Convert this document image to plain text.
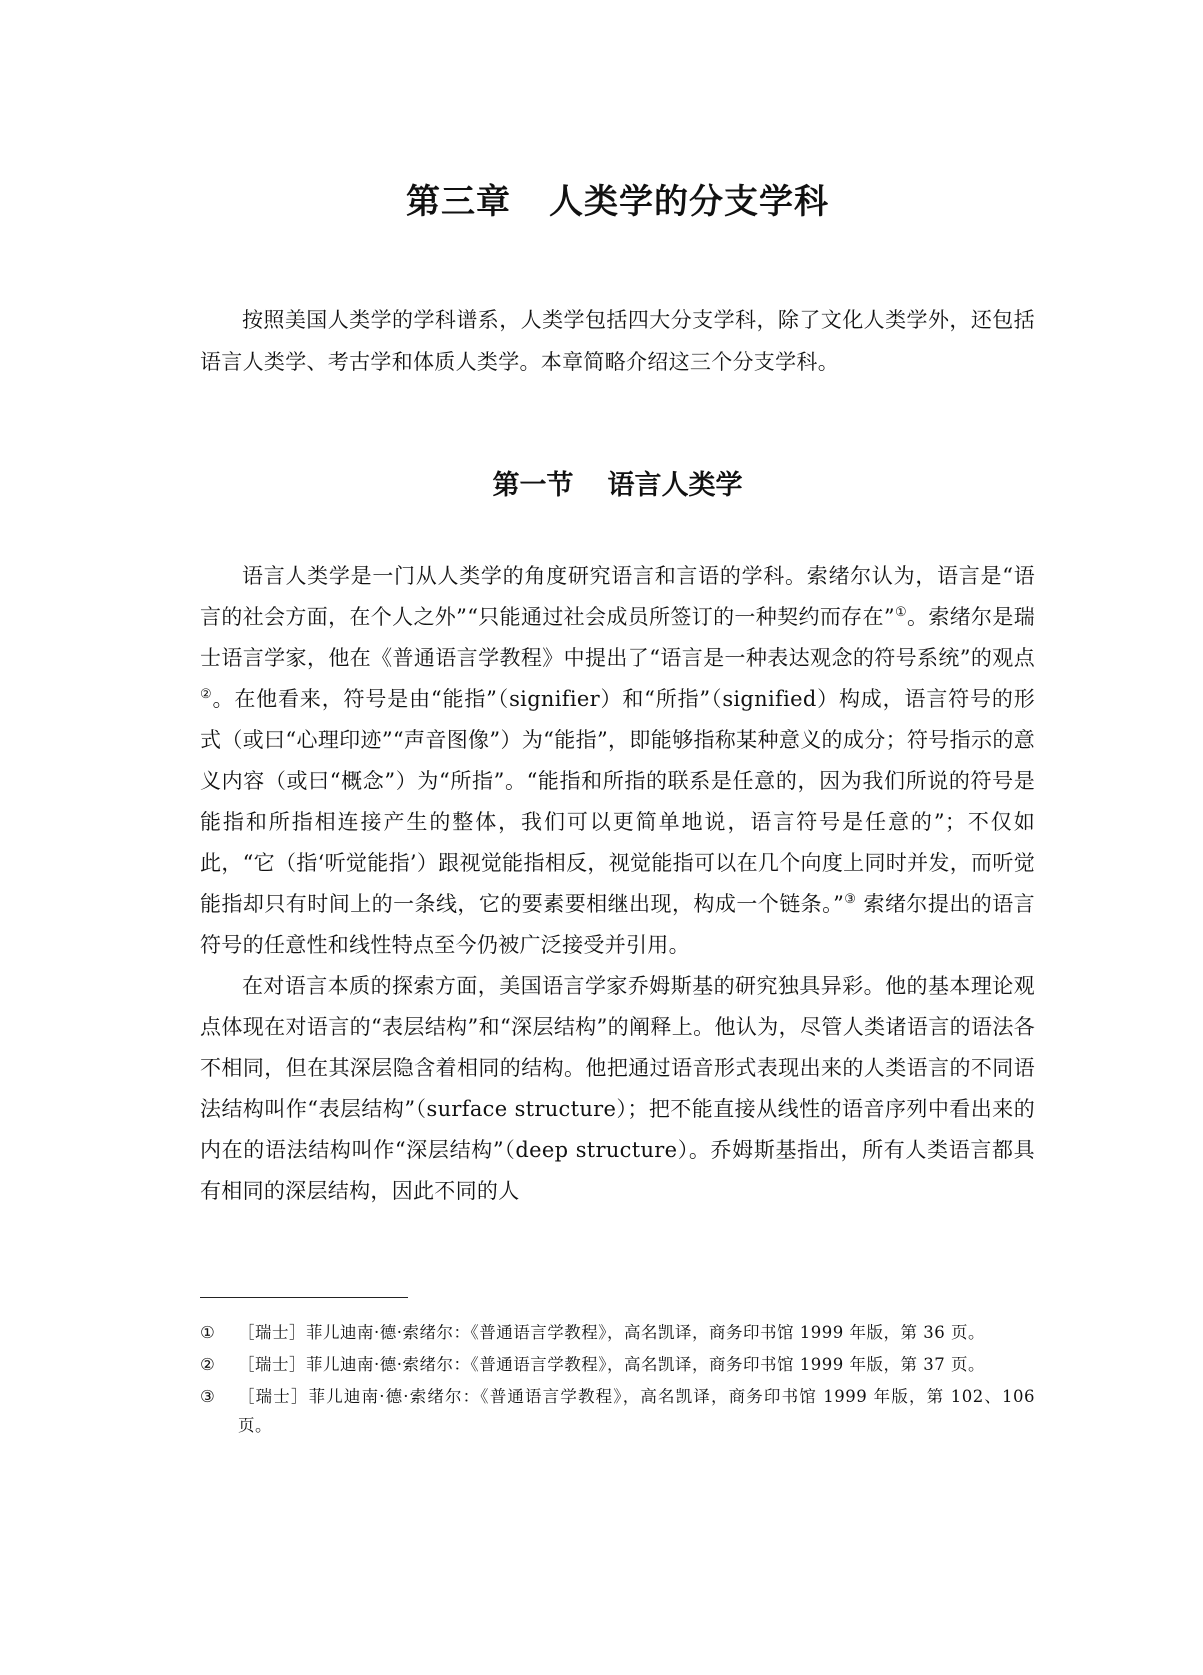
第三章 人类学的分支学科

按照美国人类学的学科谱系，人类学包括四大分支学科，除了文化人类学外，还包括语言人类学、考古学和体质人类学。本章简略介绍这三个分支学科。

第一节 语言人类学

语言人类学是一门从人类学的角度研究语言和言语的学科。索绪尔认为，语言是“语言的社会方面，在个人之外”“只能通过社会成员所签订的一种契约而存在”①。索绪尔是瑞士语言学家，他在《普通语言学教程》中提出了“语言是一种表达观念的符号系统”的观点②。在他看来，符号是由“能指”（signifier）和“所指”（signified）构成，语言符号的形式（或曰“心理印迹”“声音图像”）为“能指”，即能够指称某种意义的成分；符号指示的意义内容（或曰“概念”）为“所指”。“能指和所指的联系是任意的，因为我们所说的符号是能指和所指相连接产生的整体，我们可以更简单地说，语言符号是任意的”；不仅如此，“它（指‘听觉能指’）跟视觉能指相反，视觉能指可以在几个向度上同时并发，而听觉能指却只有时间上的一条线，它的要素要相继出现，构成一个链条。”③ 索绪尔提出的语言符号的任意性和线性特点至今仍被广泛接受并引用。

在对语言本质的探索方面，美国语言学家乔姆斯基的研究独具异彩。他的基本理论观点体现在对语言的“表层结构”和“深层结构”的阐释上。他认为，尽管人类诸语言的语法各不相同，但在其深层隐含着相同的结构。他把通过语音形式表现出来的人类语言的不同语法结构叫作“表层结构”（surface structure）；把不能直接从线性的语音序列中看出来的内在的语法结构叫作“深层结构”（deep structure）。乔姆斯基指出，所有人类语言都具有相同的深层结构，因此不同的人

① ［瑞士］菲儿迪南·德·索绪尔：《普通语言学教程》，高名凯译，商务印书馆 1999 年版，第 36 页。

② ［瑞士］菲儿迪南·德·索绪尔：《普通语言学教程》，高名凯译，商务印书馆 1999 年版，第 37 页。

③ ［瑞士］菲儿迪南·德·索绪尔：《普通语言学教程》，高名凯译，商务印书馆 1999 年版，第 102、106 页。
